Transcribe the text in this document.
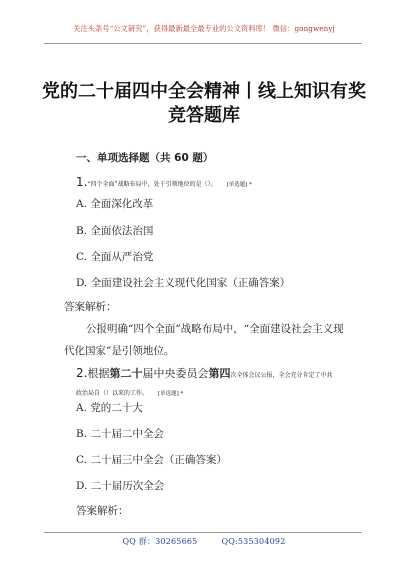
关注头条号“公文研究”，获得最新最全最专业的公文资料库！ 微信：gongwenyj
党的二十届四中全会精神丨线上知识有奖
竞答题库
一、单项选择题（共 60 题）
1.“四个全面”战略布局中，处于引领地位的是（）。 [单选题] *
A. 全面深化改革
B. 全面依法治国
C. 全面从严治党
D. 全面建设社会主义现代化国家（正确答案）
答案解析：
公报明确“四个全面”战略布局中，“全面建设社会主义现代化国家”是引领地位。
2.根据第二十届中央委员会第四次全体会议公报，全会充分肯定了中共
政治局自（）以来的工作。 [单选题] *
A. 党的二十大
B. 二十届二中全会
C. 二十届三中全会（正确答案）
D. 二十届历次全会
答案解析：
QQ 群：30265665	QQ:535304092
